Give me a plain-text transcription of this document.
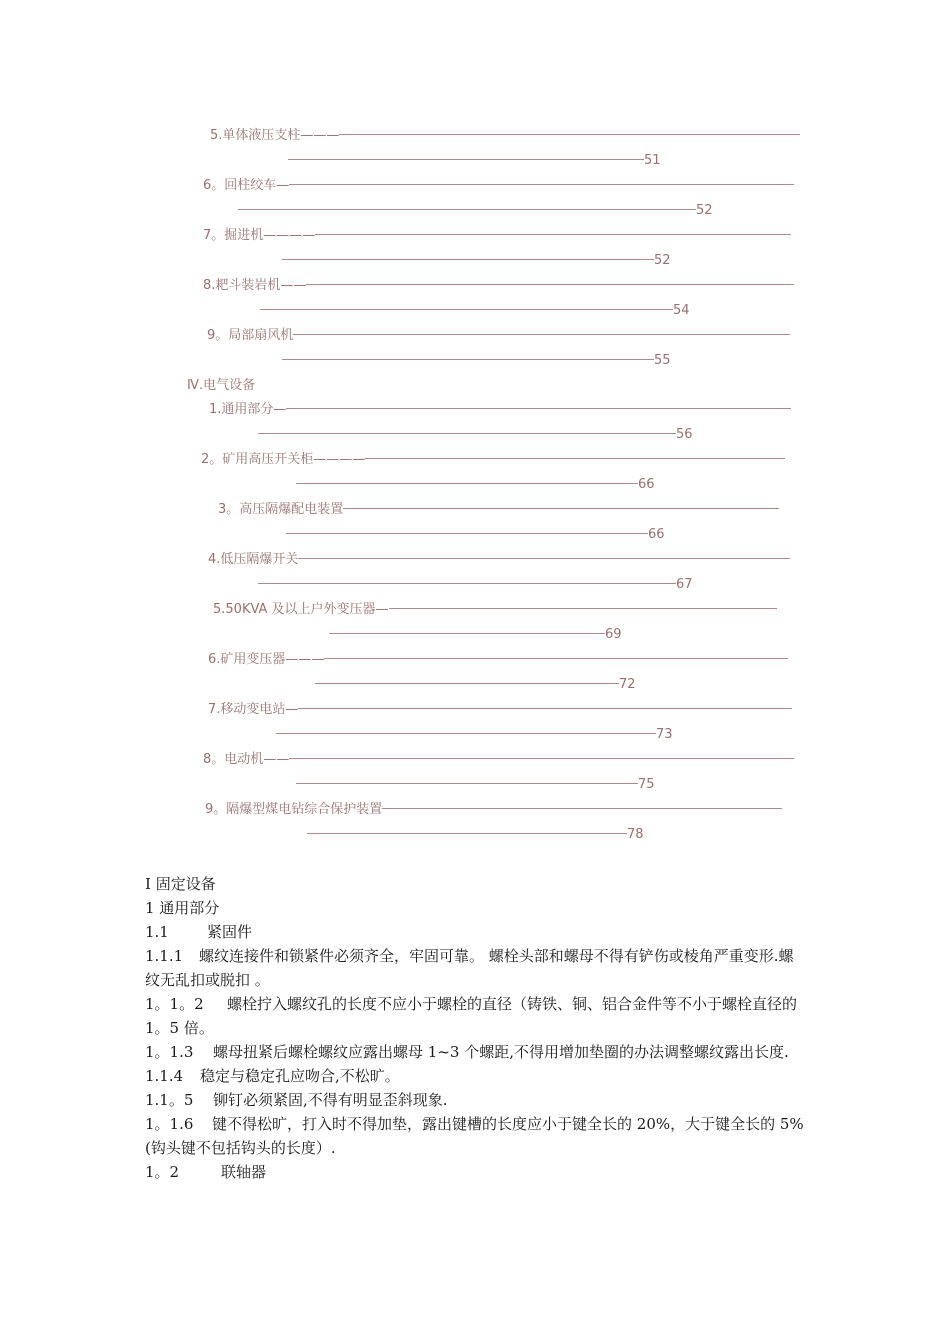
5.单体液压支柱———
51
6。回柱绞车—
52
7。掘进机————
52
8.耙斗装岩机——
54
9。局部扇风机
55
Ⅳ.电气设备
1.通用部分—
56
2。矿用高压开关柜————
66
3。高压隔爆配电装置
66
4.低压隔爆开关
67
5.50KVA 及以上户外变压器—
69
6.矿用变压器———
72
7.移动变电站—
73
8。电动机——
75
9。隔爆型煤电钻综合保护装置
78

Ⅰ 固定设备

1 通用部分

1.1	紧固件

1.1.1 螺纹连接件和锁紧件必须齐全，牢固可靠。 螺栓头部和螺母不得有铲伤或棱角严重变形.螺纹无乱扣或脱扣 。

1。1。2 螺栓拧入螺纹孔的长度不应小于螺栓的直径（铸铁、铜、铝合金件等不小于螺栓直径的 1。5 倍。

1。1.3 螺母扭紧后螺栓螺纹应露出螺母 1~3 个螺距,不得用增加垫圈的办法调整螺纹露出长度.

1.1.4 稳定与稳定孔应吻合,不松旷。

1.1。5 铆钉必须紧固,不得有明显歪斜现象.

1。1.6 键不得松旷，打入时不得加垫，露出键槽的长度应小于键全长的 20%，大于键全长的 5%(钩头键不包括钩头的长度）.

1。2	联轴器
